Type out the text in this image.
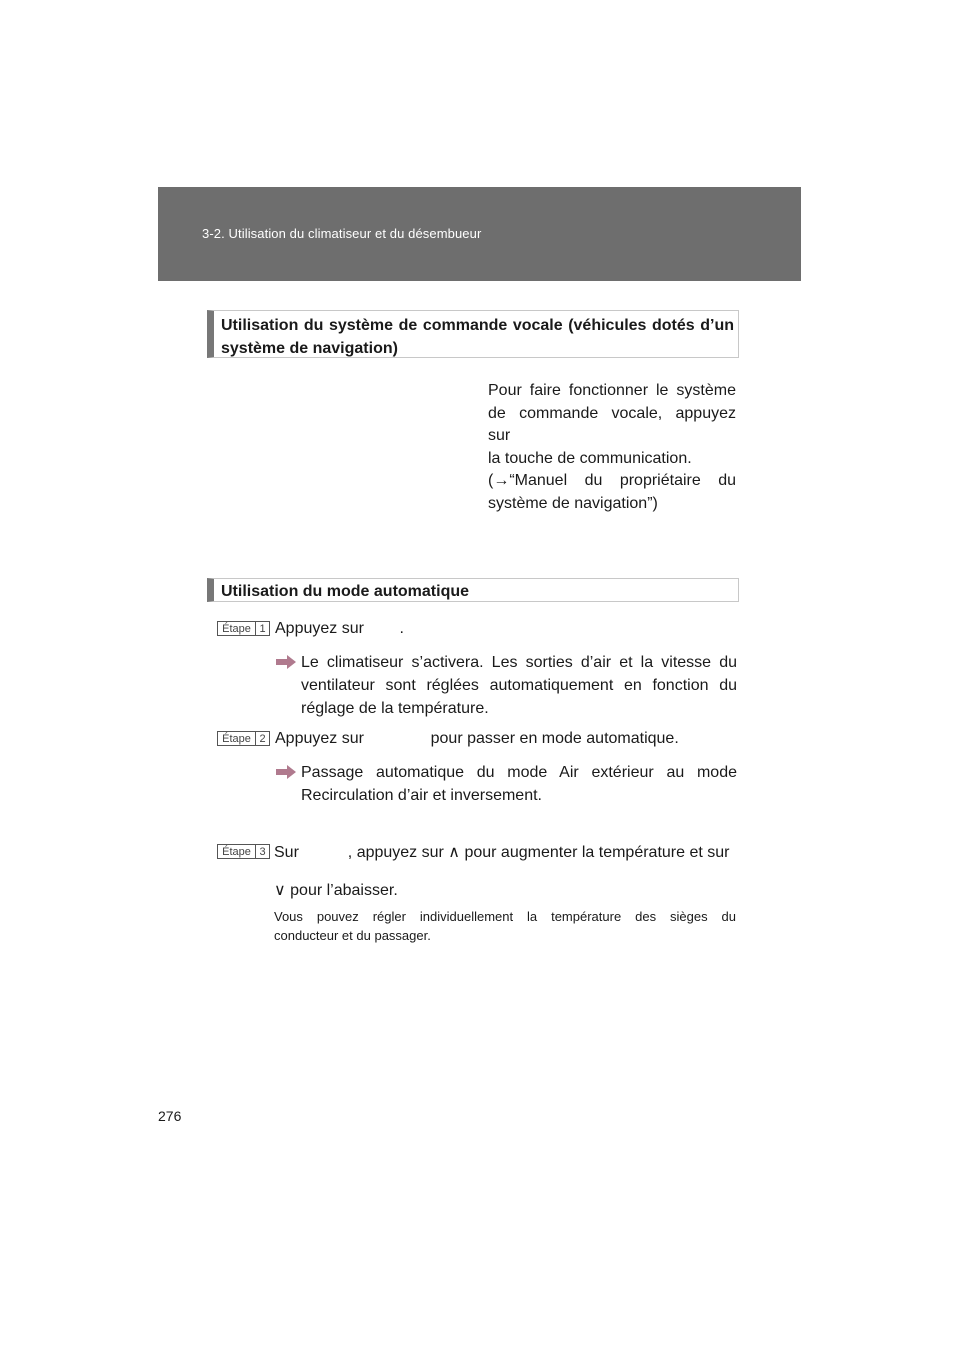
3-2. Utilisation du climatiseur et du désembueur
Utilisation du système de commande vocale (véhicules dotés d’un système de navigation)
Pour faire fonctionner le système
de commande vocale, appuyez sur
la touche de communication.
(→“Manuel du propriétaire du
système de navigation”)
Utilisation du mode automatique
Étape 1 Appuyez sur        .
Le climatiseur s’activera. Les sorties d’air et la vitesse du
ventilateur sont réglées automatiquement en fonction du
réglage de la température.
Étape 2 Appuyez sur               pour passer en mode automatique.
Passage automatique du mode Air extérieur au mode
Recirculation d’air et inversement.
Étape 3 Sur           , appuyez sur ∧ pour augmenter la température et sur
∨ pour l’abaisser.
Vous pouvez régler individuellement la température des sièges du
conducteur et du passager.
276
